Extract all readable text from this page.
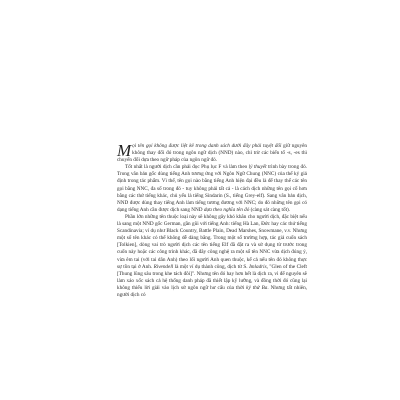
M ọi tên gọi không được liệt kê trong danh sách dưới đây phải tuyệt đối giữ nguyên không thay đổi đó trong ngôn ngữ dịch (NND) nào, chỉ trừ các biến tố -s, -es thì chuyển đổi dựa theo ngữ pháp của ngôn ngữ đó.

Tốt nhất là người dịch cần phải đọc Phụ lục F và làm theo lý thuyết trình bày trong đó. Trong văn bản gốc dùng tiếng Anh tương ứng với Ngôn Ngữ Chung (NNC) của thế kỷ giả định trong tác phẩm. Vì thế, tên gọi nào bằng tiếng Anh hiện đại đều là để thay thế các tên gọi bằng NNC, đa số trong đó - tuy không phải tất cả - là cách dịch những tên gọi cổ hơn bằng các thứ tiếng khác, chủ yếu là tiếng Sindarin (S., tiếng Grey-elf). Sang văn bản dịch, NND được dùng thay tiếng Anh làm tiếng tương đương với NNC; do đó những tên gọi có dạng tiếng Anh cần được dịch sang NND dựa theo nghĩa tên đó (càng sát càng tốt).

Phần lớn những tên thuộc loại này sẽ không gây khó khăn cho người dịch, đặc biệt nếu là sang một NND gốc German, gần gũi với tiếng Anh: tiếng Hà Lan, Đức hay các thứ tiếng Scandinavia; ví dụ như Black Country, Battle Plain, Dead Marshes, Snowmane, v.v. Nhưng một số tên khác có thể không dễ dàng bằng. Trong một số trường hợp, tác giả cuốn sách [Tolkien], dòng vai trò người dịch các tên tiếng Elf đã đặt ra và sử dụng từ trước trong cuốn này hoặc các công trình khác, đã đây công nghệ ra một số tên NNC vừa dịch đúng ý, vừa êm tai (với tai dân Anh) theo lối người Anh quen thuộc, kể cả nếu tên đó không thực sự tồn tại ở Anh. Rivendell là một ví dụ thành công, dịch từ S. Imladris, "Glen of the Cleft [Thung lũng sâu trong khe tách đôi]". Nhưng tên đó hay hơn hết là dịch ra, vì để nguyên sẽ làm xáo xốc sách cả hệ thống danh pháp đã thiết lập kỹ lưỡng, và đồng thời đó cũng lại không thiếu lời giải vào lịch sử ngôn ngữ hư cấu của thời kỷ thứ Ba. Nhưng tất nhiên, người dịch có
